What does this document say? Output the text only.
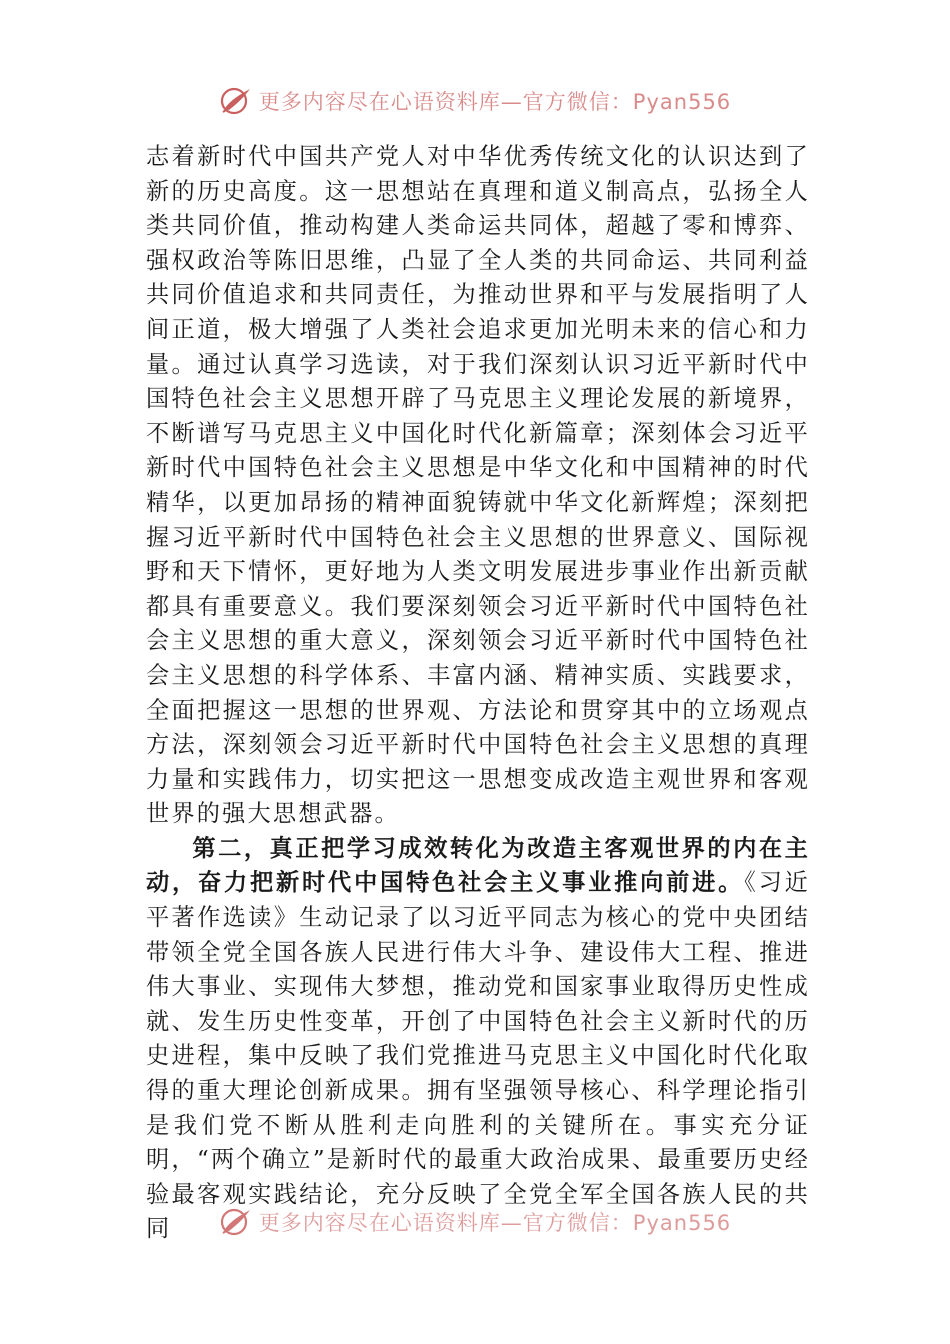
更多内容尽在心语资料库—官方微信：Pyan556

志着新时代中国共产党人对中华优秀传统文化的认识达到了新的历史高度。这一思想站在真理和道义制高点，弘扬全人类共同价值，推动构建人类命运共同体，超越了零和博弈、强权政治等陈旧思维，凸显了全人类的共同命运、共同利益共同价值追求和共同责任，为推动世界和平与发展指明了人间正道，极大增强了人类社会追求更加光明未来的信心和力量。通过认真学习选读，对于我们深刻认识习近平新时代中国特色社会主义思想开辟了马克思主义理论发展的新境界，不断谱写马克思主义中国化时代化新篇章；深刻体会习近平新时代中国特色社会主义思想是中华文化和中国精神的时代精华，以更加昂扬的精神面貌铸就中华文化新辉煌；深刻把握习近平新时代中国特色社会主义思想的世界意义、国际视野和天下情怀，更好地为人类文明发展进步事业作出新贡献都具有重要意义。我们要深刻领会习近平新时代中国特色社会主义思想的重大意义，深刻领会习近平新时代中国特色社会主义思想的科学体系、丰富内涵、精神实质、实践要求，全面把握这一思想的世界观、方法论和贯穿其中的立场观点方法，深刻领会习近平新时代中国特色社会主义思想的真理力量和实践伟力，切实把这一思想变成改造主观世界和客观世界的强大思想武器。

第二，真正把学习成效转化为改造主客观世界的内在主动，奋力把新时代中国特色社会主义事业推向前进。《习近平著作选读》生动记录了以习近平同志为核心的党中央团结带领全党全国各族人民进行伟大斗争、建设伟大工程、推进伟大事业、实现伟大梦想，推动党和国家事业取得历史性成就、发生历史性变革，开创了中国特色社会主义新时代的历史进程，集中反映了我们党推进马克思主义中国化时代化取得的重大理论创新成果。拥有坚强领导核心、科学理论指引是我们党不断从胜利走向胜利的关键所在。事实充分证明，“两个确立”是新时代的最重大政治成果、最重要历史经验最客观实践结论，充分反映了全党全军全国各族人民的共同	更多内容尽在心语资料库—官方微信：Pyan556
